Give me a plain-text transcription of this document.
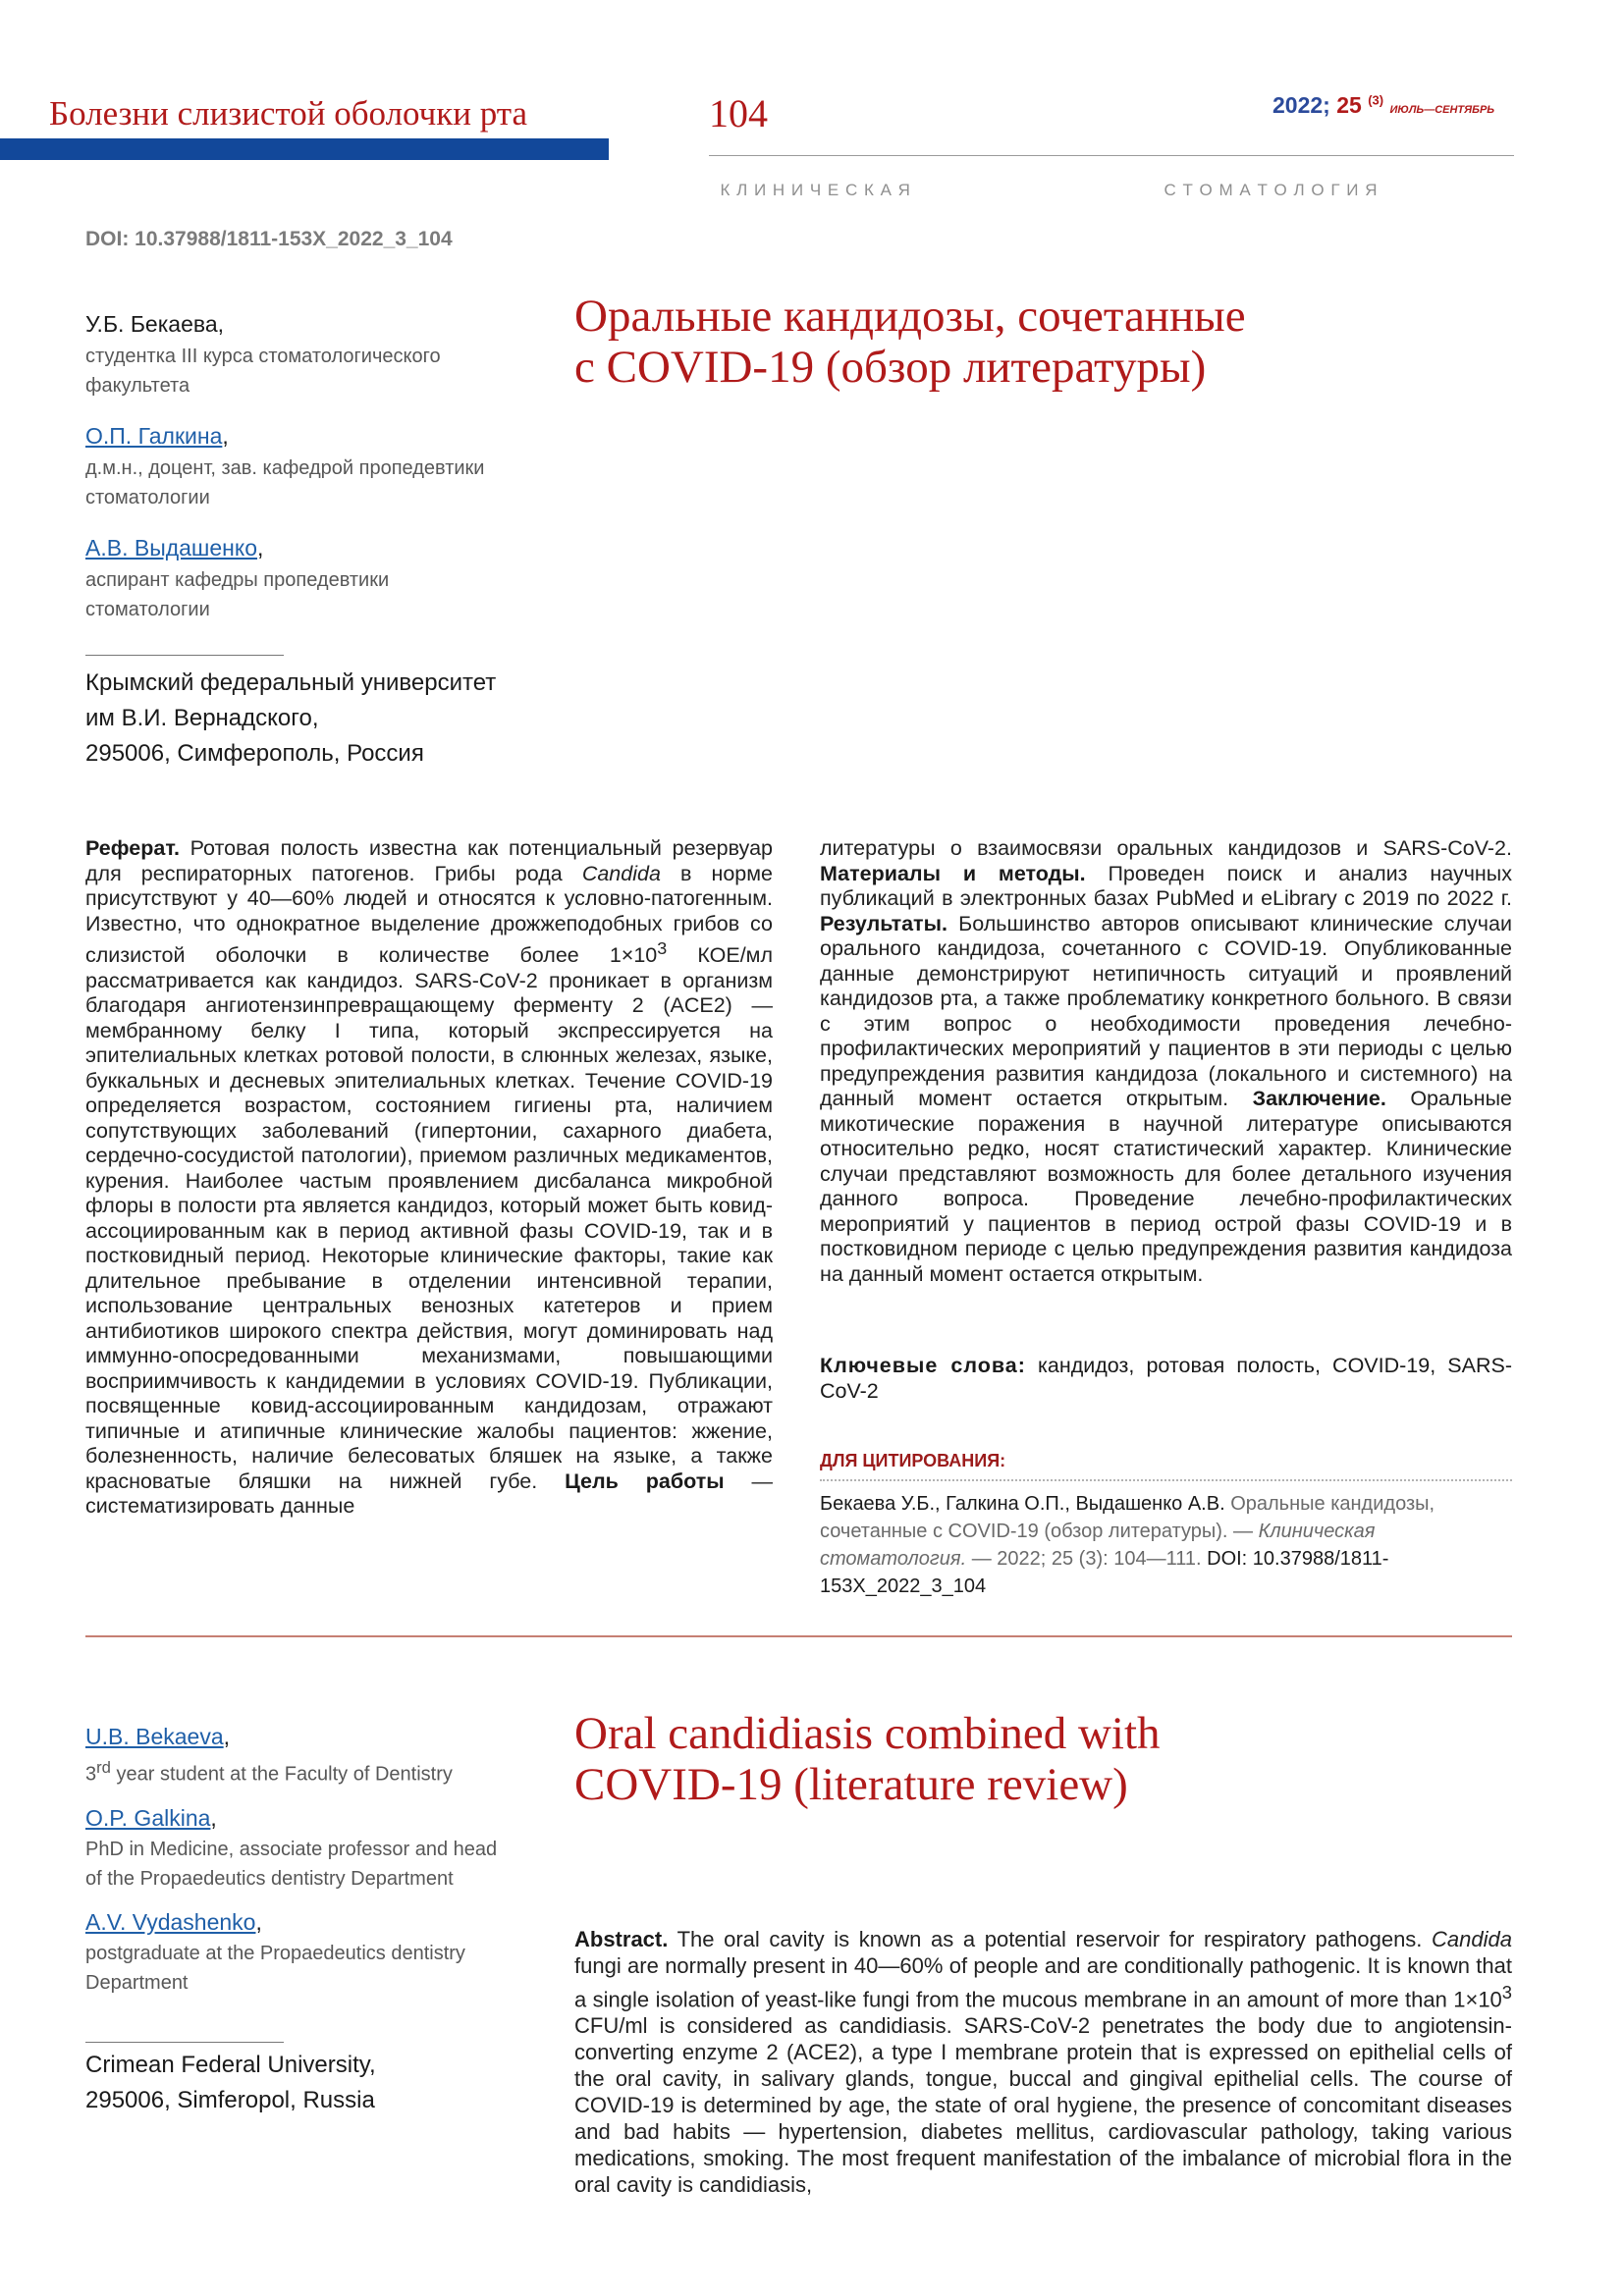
Болезни слизистой оболочки рта	104	2022; 25 $^{(3)}$ ИЮЛЬ—СЕНТЯБРЬ

К Л И Н И Ч Е С К А Я	С Т О М А Т О Л О Г И Я

DOI: 10.37988/1811-153X_2022_3_104
Оральные кандидозы, сочетанные
с COVID-19 (обзор литературы)
У.Б. Бекаева,
студентка III курса стоматологического
факультета
О.П. Галкина,
д.м.н., доцент, зав. кафедрой пропедевтики
стоматологии
А.В. Выдашенко,
аспирант кафедры пропедевтики
стоматологии
Крымский федеральный университет
им В.И. Вернадского,
295006, Симферополь, Россия
Реферат. Ротовая полость известна как потенциальный резервуар для респираторных патогенов. Грибы рода Candida в норме присутствуют у 40—60% людей и относятся к условно-патогенным. Известно, что однократное выделение дрожжеподобных грибов со слизистой оболочки в количестве более $1\times 10^3$ КОЕ/мл рассматривается как кандидоз. SARS-CoV-2 проникает в организм благодаря ангиотензинпревращающему ферменту 2 (ACE2) — мембранному белку I типа, который экспрессируется на эпителиальных клетках ротовой полости, в слюнных железах, языке, буккальных и десневых эпителиальных клетках. Течение COVID-19 определяется возрастом, состоянием гигиены рта, наличием сопутствующих заболеваний (гипертонии, сахарного диабета, сердечно-сосудистой патологии), приемом различных медикаментов, курения. Наиболее частым проявлением дисбаланса микробной флоры в полости рта является кандидоз, который может быть ковид-ассоциированным как в период активной фазы COVID-19, так и в постковидный период. Некоторые клинические факторы, такие как длительное пребывание в отделении интенсивной терапии, использование центральных венозных катетеров и прием антибиотиков широкого спектра действия, могут доминировать над иммунно-опосредованными механизмами, повышающими восприимчивость к кандидемии в условиях COVID-19. Публикации, посвященные ковид-ассоциированным кандидозам, отражают типичные и атипичные клинические жалобы пациентов: жжение, болезненность, наличие белесоватых бляшек на языке, а также красноватые бляшки на нижней губе. Цель работы — систематизировать данные
литературы о взаимосвязи оральных кандидозов и SARS-CoV-2. Материалы и методы. Проведен поиск и анализ научных публикаций в электронных базах PubMed и eLibrary с 2019 по 2022 г. Результаты. Большинство авторов описывают клинические случаи орального кандидоза, сочетанного с COVID-19. Опубликованные данные демонстрируют нетипичность ситуаций и проявлений кандидозов рта, а также проблематику конкретного больного. В связи с этим вопрос о необходимости проведения лечебно-профилактических мероприятий у пациентов в эти периоды с целью предупреждения развития кандидоза (локального и системного) на данный момент остается открытым. Заключение. Оральные микотические поражения в научной литературе описываются относительно редко, носят статистический характер. Клинические случаи представляют возможность для более детального изучения данного вопроса. Проведение лечебно-профилактических мероприятий у пациентов в период острой фазы COVID-19 и в постковидном периоде с целью предупреждения развития кандидоза на данный момент остается открытым.
Ключевые слова: кандидоз, ротовая полость, COVID-19, SARS-CoV-2
ДЛЯ ЦИТИРОВАНИЯ:
Бекаева У.Б., Галкина О.П., Выдашенко А.В. Оральные кандидозы, сочетанные с COVID-19 (обзор литературы). — Клиническая стоматология. — 2022; 25 (3): 104—111. DOI: 10.37988/1811-153X_2022_3_104
U.B. Bekaeva,
3rd year student at the Faculty of Dentistry
O.P. Galkina,
PhD in Medicine, associate professor and head
of the Propaedeutics dentistry Department
A.V. Vydashenko,
postgraduate at the Propaedeutics dentistry
Department
Crimean Federal University,
295006, Simferopol, Russia
Oral candidiasis combined with
COVID-19 (literature review)
Abstract. The oral cavity is known as a potential reservoir for respiratory pathogens. Candida fungi are normally present in 40—60% of people and are conditionally pathogenic. It is known that a single isolation of yeast-like fungi from the mucous membrane in an amount of more than $1\times 10^3$ CFU/ml is considered as candidiasis. SARS-CoV-2 penetrates the body due to angiotensin-converting enzyme 2 (ACE2), a type I membrane protein that is expressed on epithelial cells of the oral cavity, in salivary glands, tongue, buccal and gingival epithelial cells. The course of COVID-19 is determined by age, the state of oral hygiene, the presence of concomitant diseases and bad habits — hypertension, diabetes mellitus, cardiovascular pathology, taking various medications, smoking. The most frequent manifestation of the imbalance of microbial flora in the oral cavity is candidiasis,
